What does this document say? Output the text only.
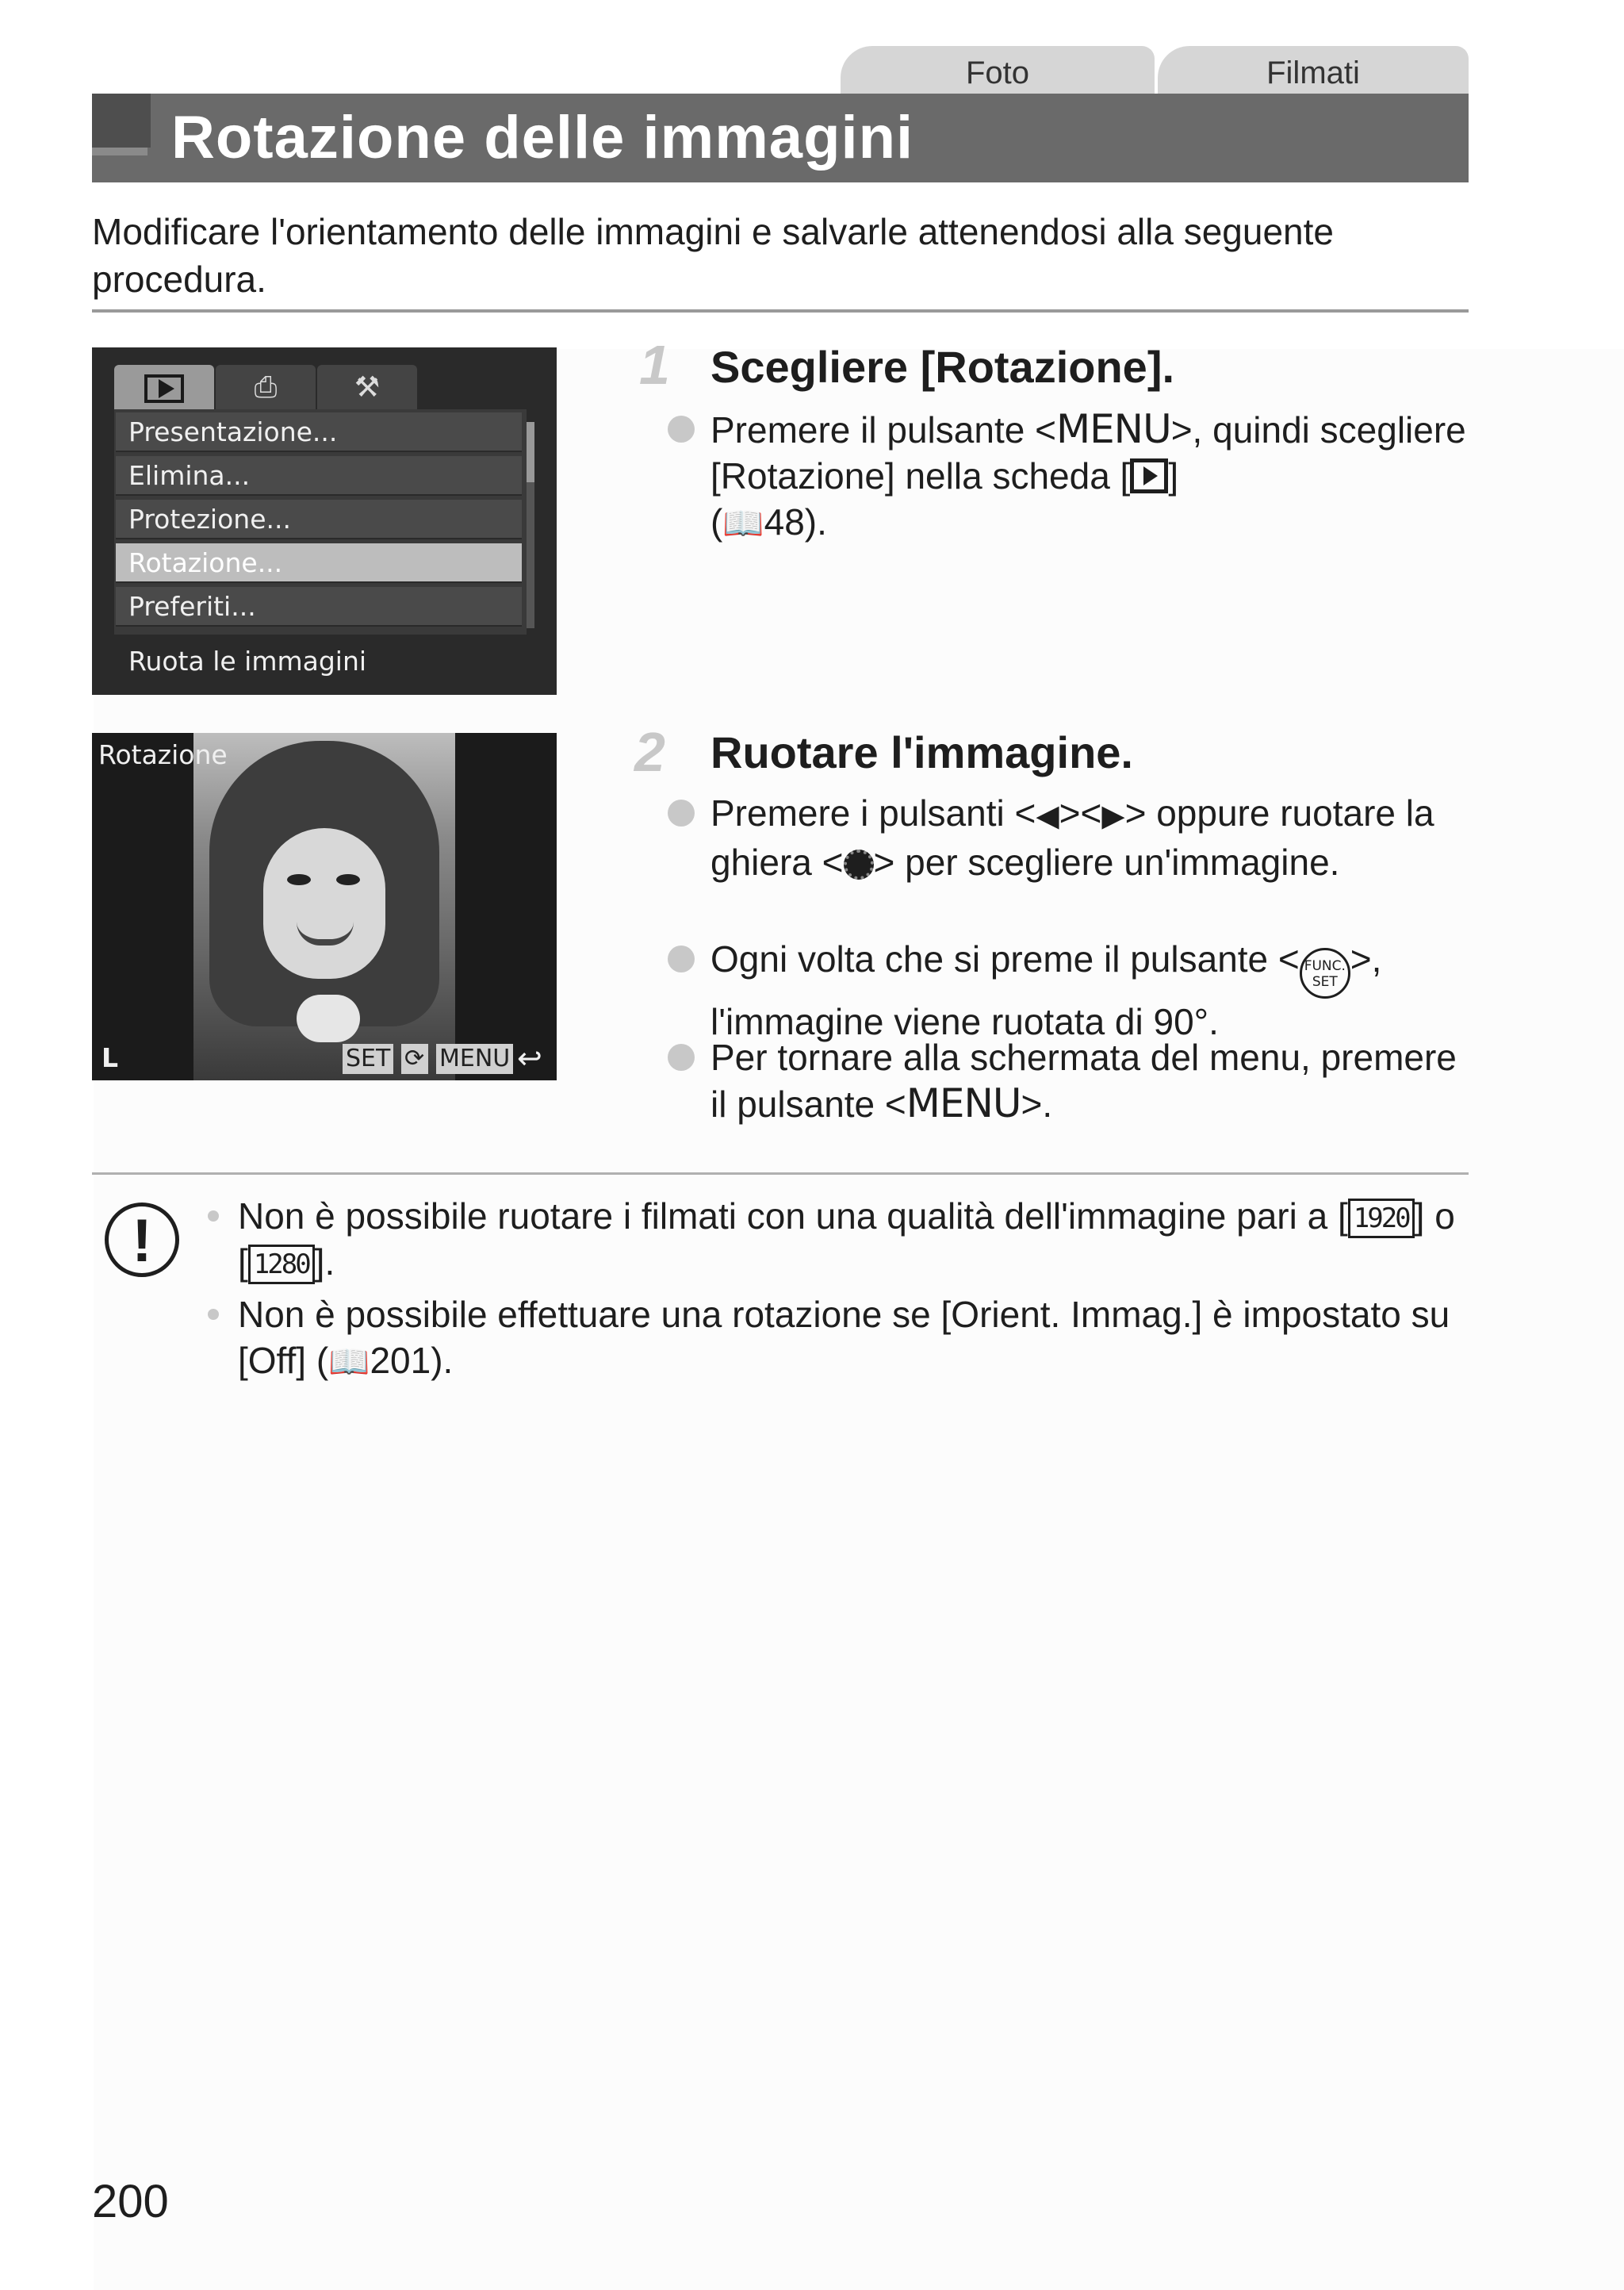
Foto	Filmati
Rotazione delle immagini
Modificare l'orientamento delle immagini e salvarle attenendosi alla seguente procedura.
⎙	⚒
Presentazione...
Elimina...
Protezione...
Rotazione...
Preferiti...
Ruota le immagini
Rotazione
L	SET ⟳ MENU ↩
1 Scegliere [Rotazione].
Premere il pulsante <MENU>, quindi scegliere [Rotazione] nella scheda [ ]
(📖48).
2 Ruotare l'immagine.
Premere i pulsanti <◀><▶> oppure ruotare la ghiera < > per scegliere un'immagine.
Ogni volta che si preme il pulsante < FUNC.
SET>, l'immagine viene ruotata di 90°.
Per tornare alla schermata del menu, premere il pulsante <MENU>.
!	Non è possibile ruotare i filmati con una qualità dell'immagine pari a [ 1920 ] o [ 1280 ].
Non è possibile effettuare una rotazione se [Orient. Immag.] è impostato su [Off] (📖201).
200
